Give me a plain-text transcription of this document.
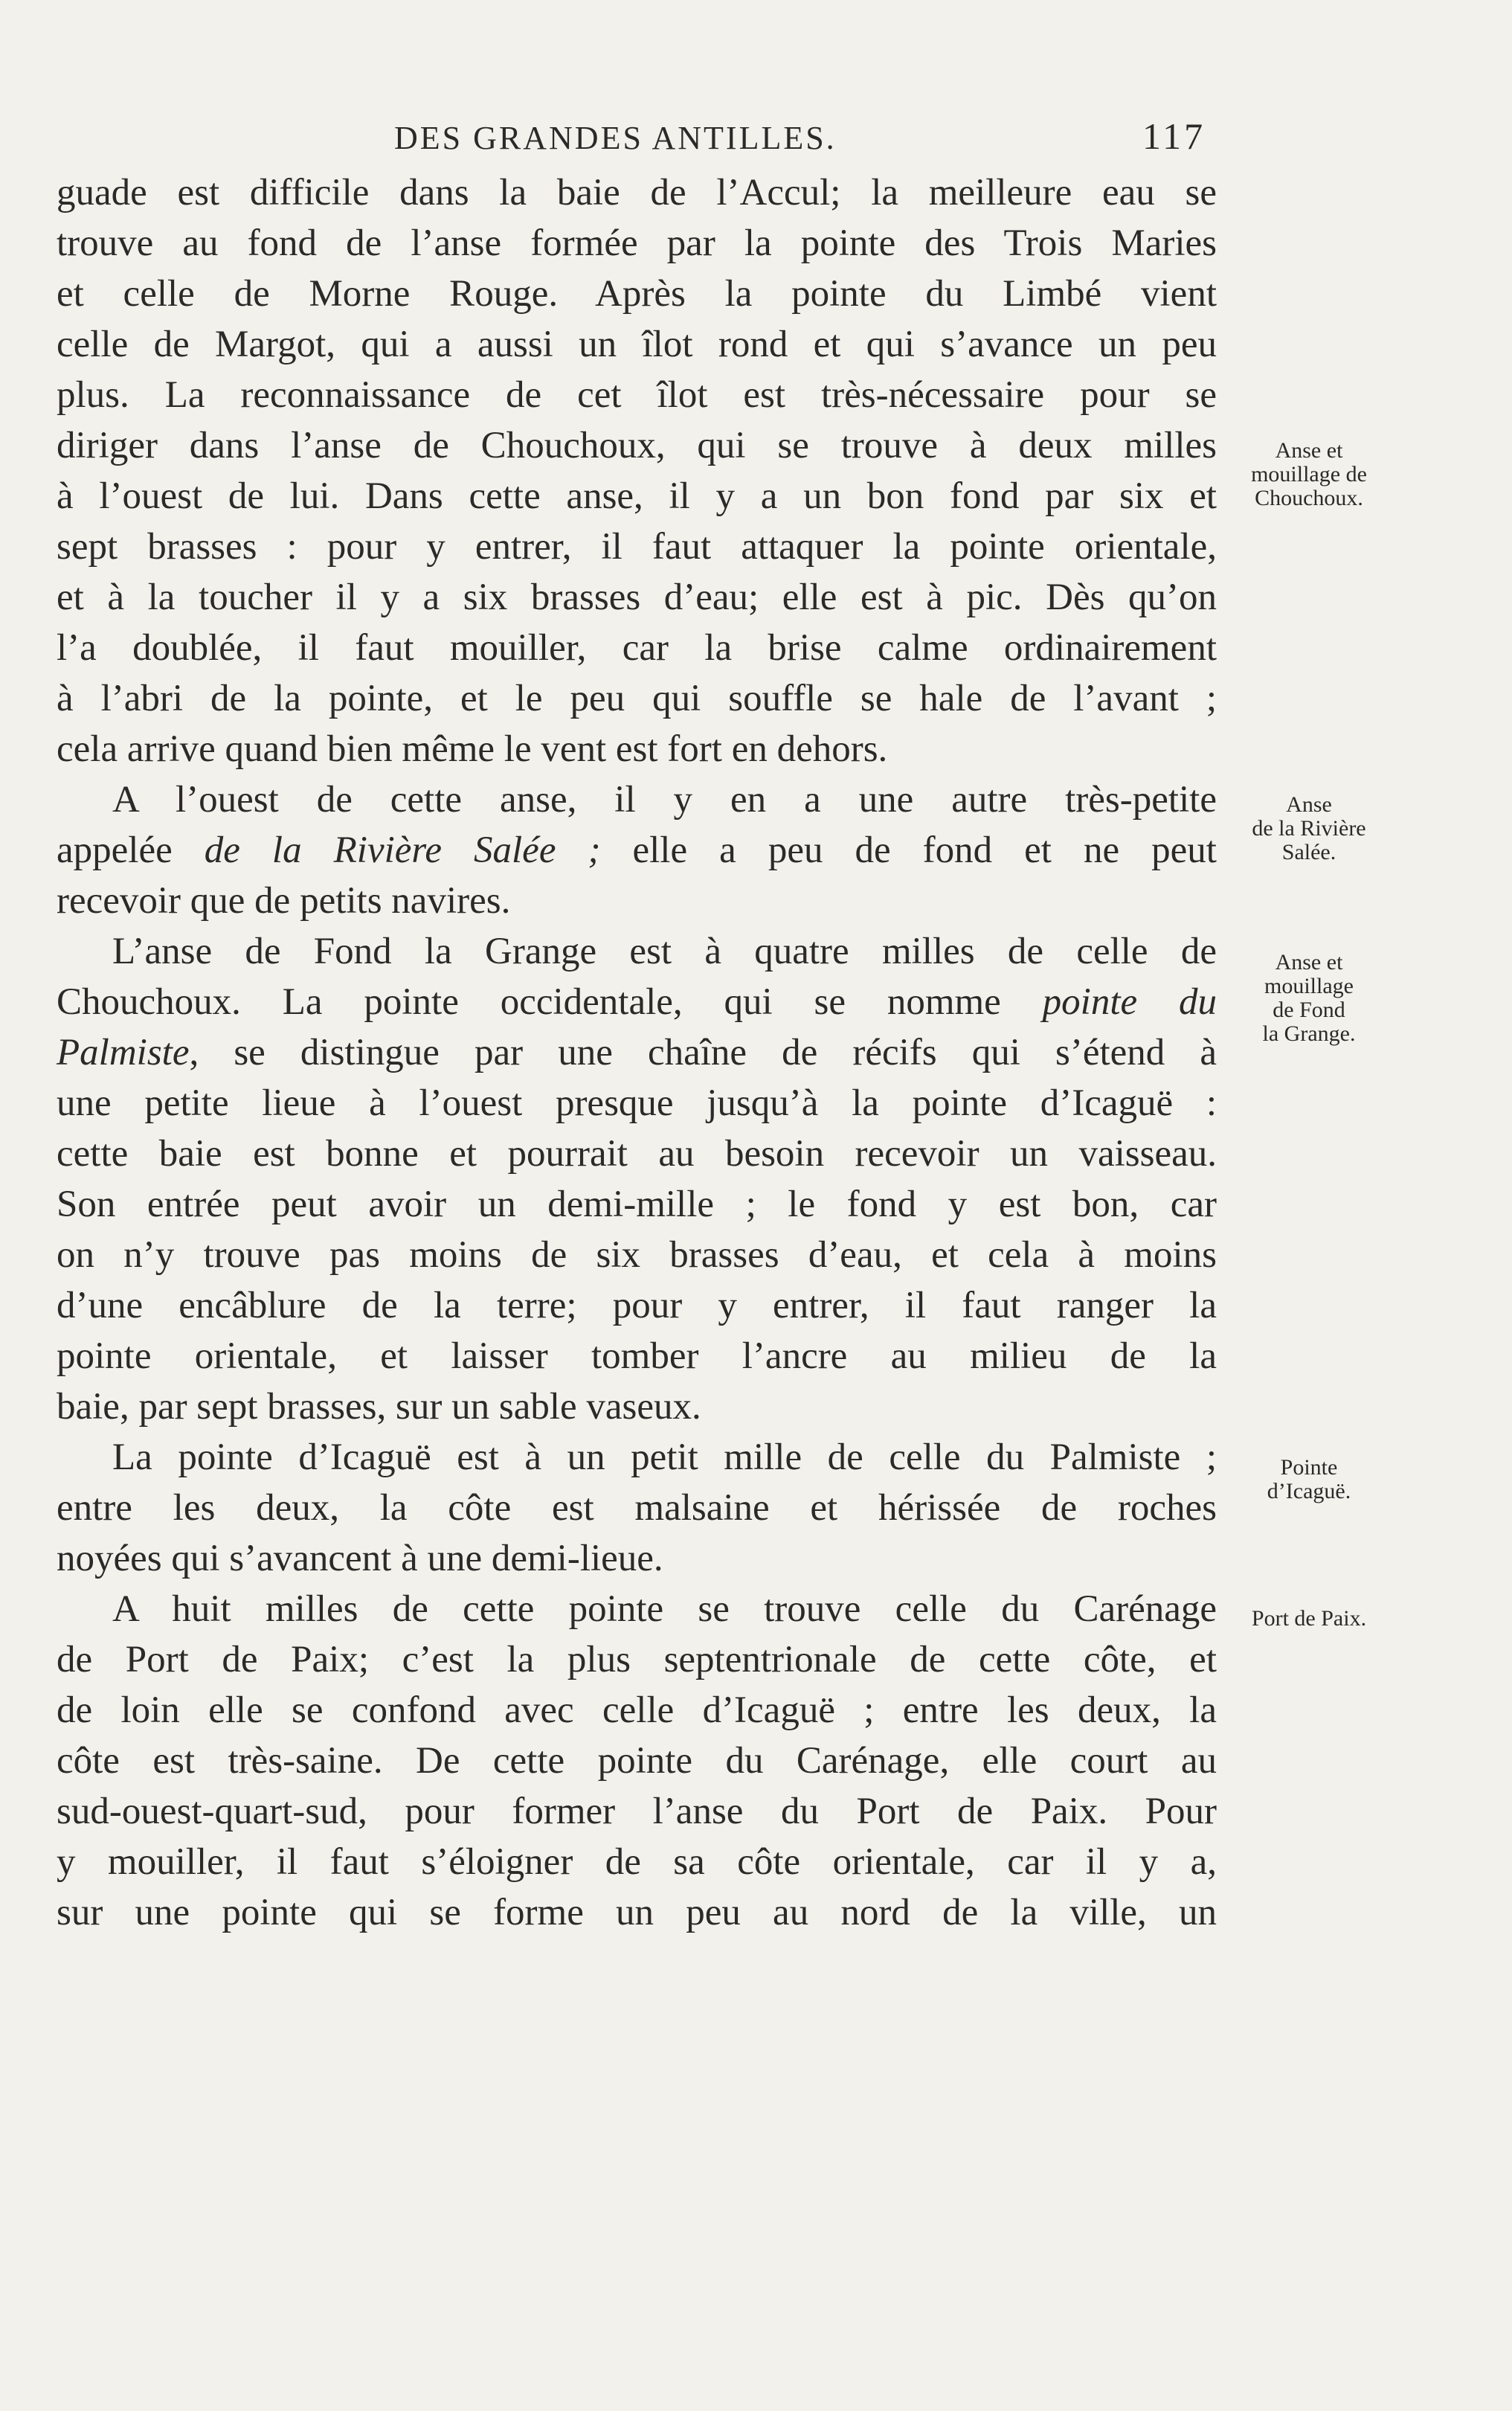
DES GRANDES ANTILLES.	117
guade est difficile dans la baie de l’Accul; la meilleure eau se
trouve au fond de l’anse formée par la pointe des Trois Maries
et celle de Morne Rouge. Après la pointe du Limbé vient
celle de Margot, qui a aussi un îlot rond et qui s’avance un peu
plus. La reconnaissance de cet îlot est très-nécessaire pour se
diriger dans l’anse de Chouchoux, qui se trouve à deux milles
à l’ouest de lui. Dans cette anse, il y a un bon fond par six et
sept brasses : pour y entrer, il faut attaquer la pointe orientale,
et à la toucher il y a six brasses d’eau; elle est à pic. Dès qu’on
l’a doublée, il faut mouiller, car la brise calme ordinairement
à l’abri de la pointe, et le peu qui souffle se hale de l’avant ;
cela arrive quand bien même le vent est fort en dehors.
A l’ouest de cette anse, il y en a une autre très-petite
appelée de la Rivière Salée ; elle a peu de fond et ne peut
recevoir que de petits navires.
L’anse de Fond la Grange est à quatre milles de celle de
Chouchoux. La pointe occidentale, qui se nomme pointe du
Palmiste, se distingue par une chaîne de récifs qui s’étend à
une petite lieue à l’ouest presque jusqu’à la pointe d’Icaguë :
cette baie est bonne et pourrait au besoin recevoir un vaisseau.
Son entrée peut avoir un demi-mille ; le fond y est bon, car
on n’y trouve pas moins de six brasses d’eau, et cela à moins
d’une encâblure de la terre; pour y entrer, il faut ranger la
pointe orientale, et laisser tomber l’ancre au milieu de la
baie, par sept brasses, sur un sable vaseux.
La pointe d’Icaguë est à un petit mille de celle du Palmiste ;
entre les deux, la côte est malsaine et hérissée de roches
noyées qui s’avancent à une demi-lieue.
A huit milles de cette pointe se trouve celle du Carénage
de Port de Paix; c’est la plus septentrionale de cette côte, et
de loin elle se confond avec celle d’Icaguë ; entre les deux, la
côte est très-saine. De cette pointe du Carénage, elle court au
sud-ouest-quart-sud, pour former l’anse du Port de Paix. Pour
y mouiller, il faut s’éloigner de sa côte orientale, car il y a,
sur une pointe qui se forme un peu au nord de la ville, un
Anse et
mouillage de
Chouchoux.
Anse
de la Rivière
Salée.
Anse et
mouillage
de Fond
la Grange.
Pointe
d’Icaguë.
Port de Paix.
